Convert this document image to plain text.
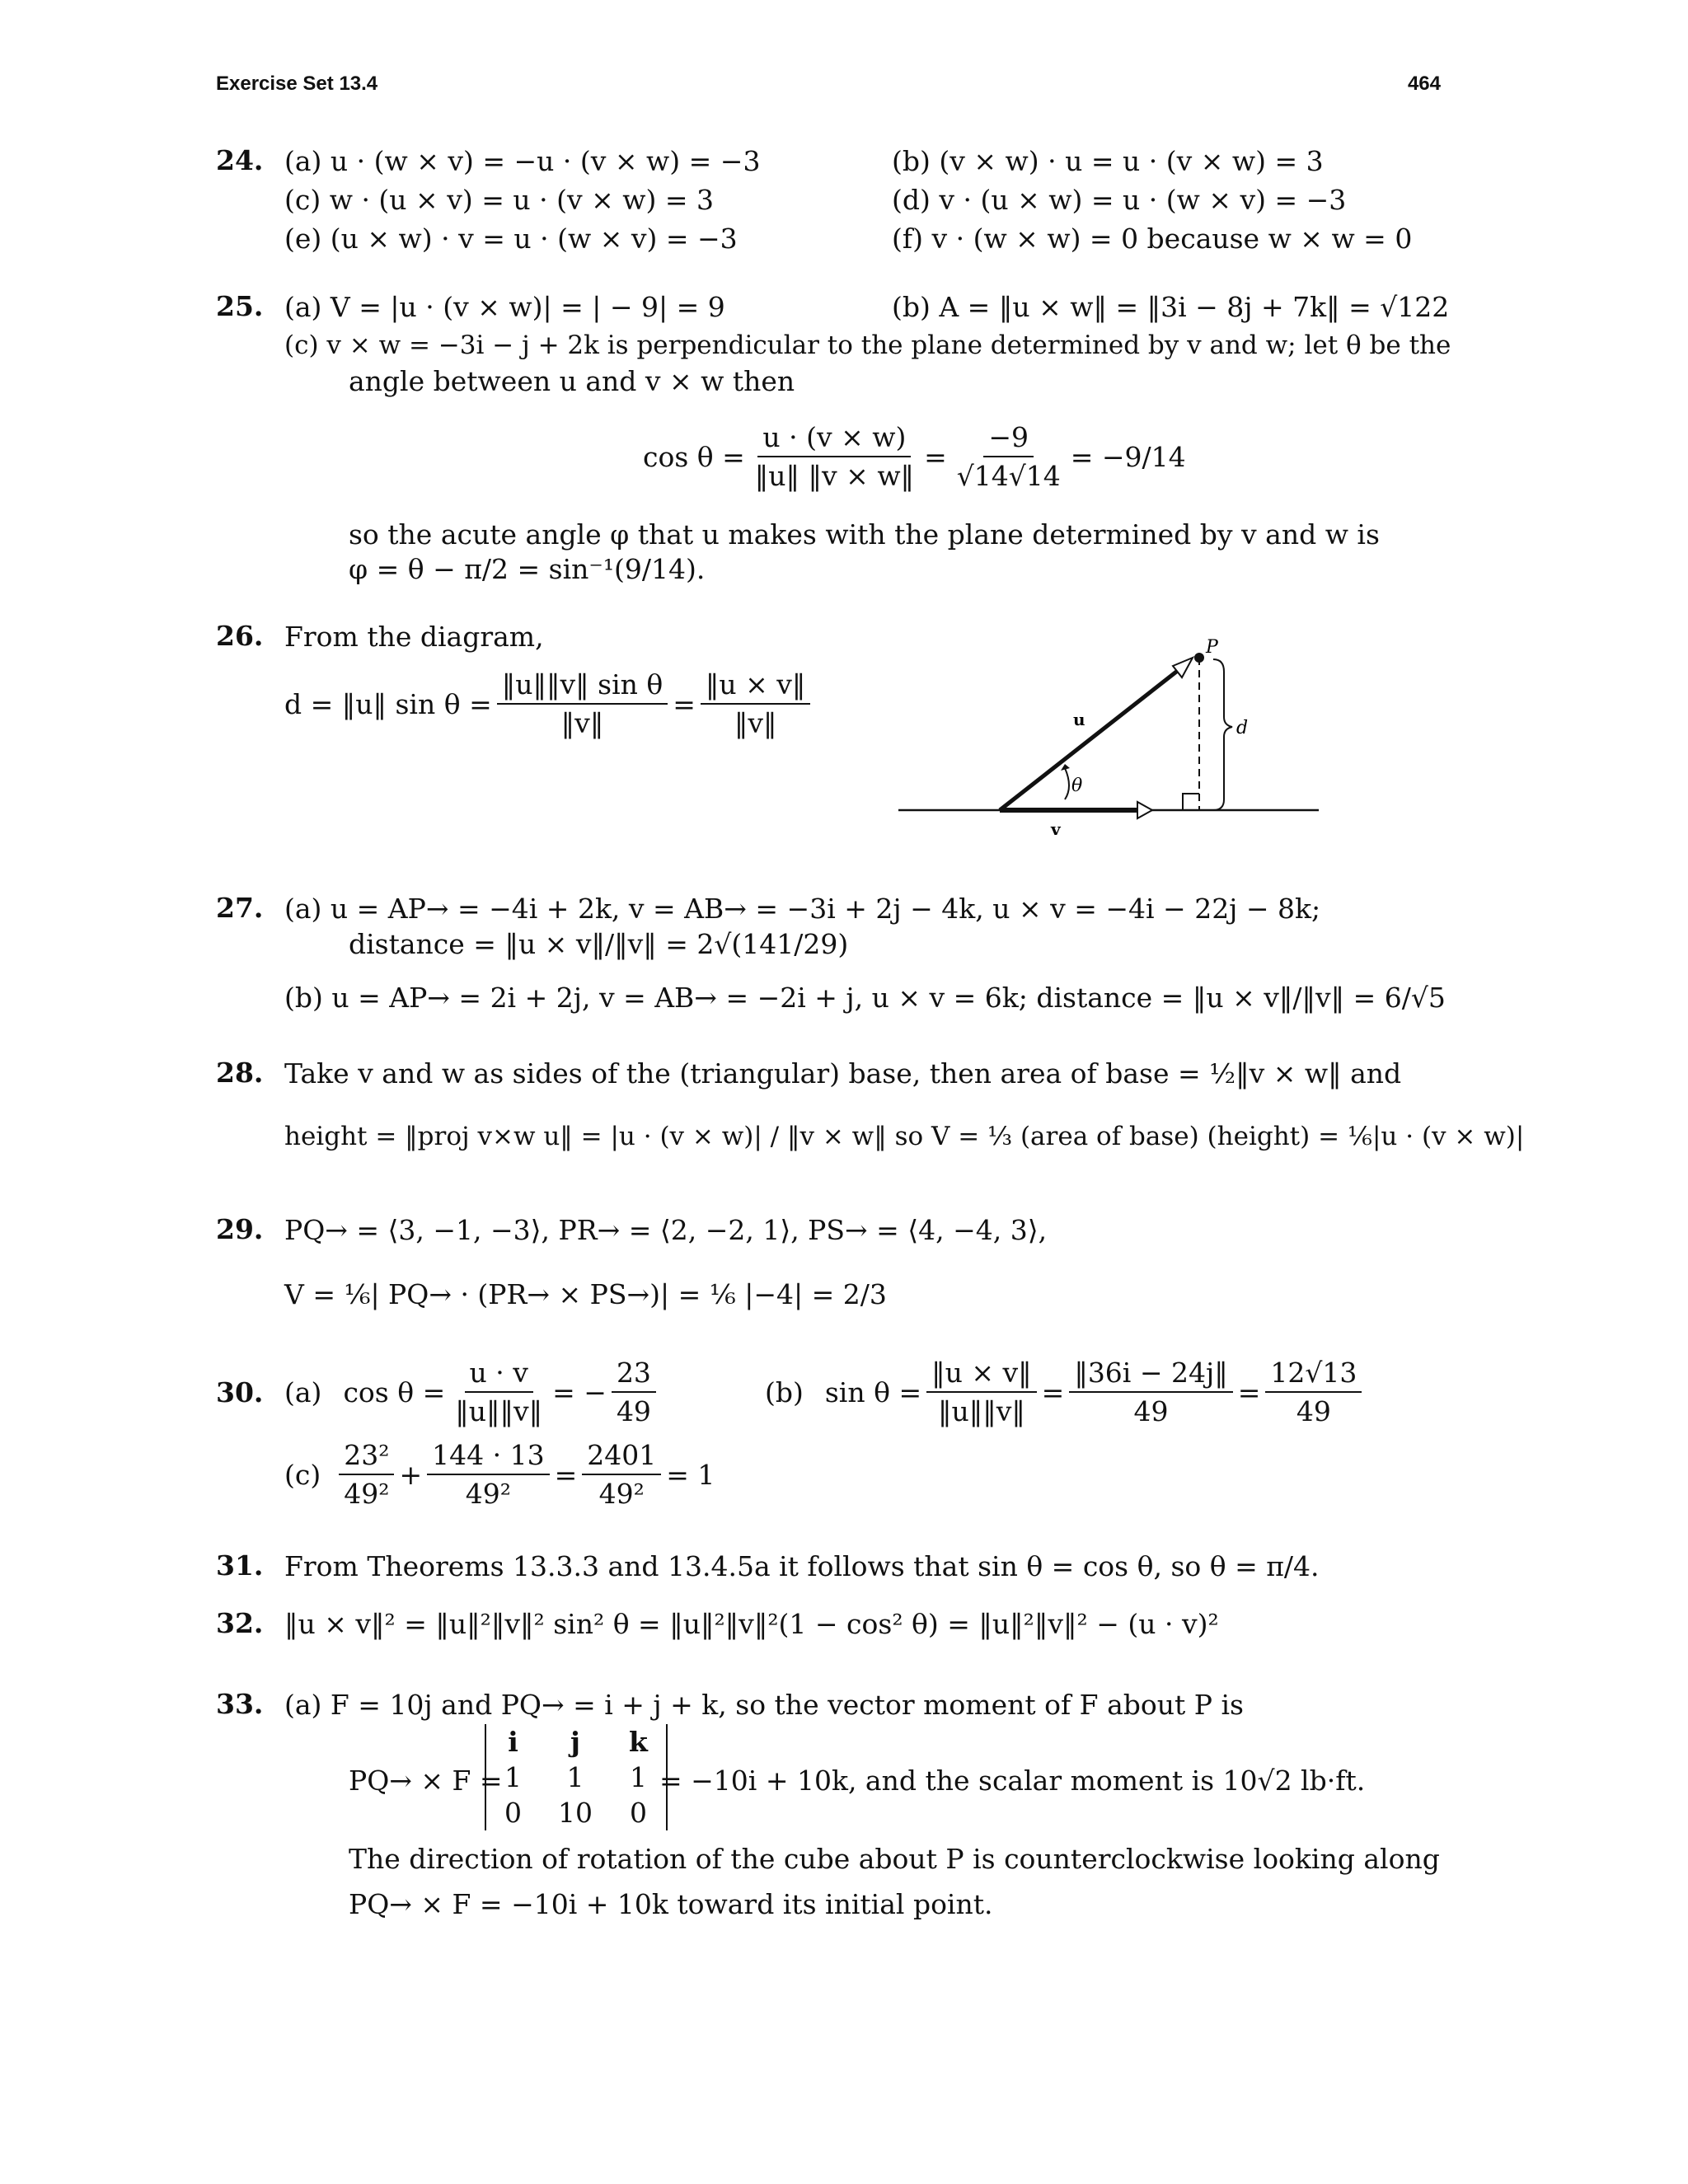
Exercise Set 13.4	464
24. (a) u · (w × v) = −u · (v × w) = −3	(b) (v × w) · u = u · (v × w) = 3
(c) w · (u × v) = u · (v × w) = 3	(d) v · (u × w) = u · (w × v) = −3
(e) (u × w) · v = u · (w × v) = −3	(f) v · (w × w) = 0 because w × w = 0
25. (a) V = |u · (v × w)| = | − 9| = 9	(b) A = ‖u × w‖ = ‖3i − 8j + 7k‖ = √122
(c) v × w = −3i − j + 2k is perpendicular to the plane determined by v and w; let θ be the
angle between u and v × w then
$\cos \theta = \frac{u \cdot (v \times w)}{‖u‖ ‖v \times w‖} = \frac{-9}{√14√14} = -9/14$
so the acute angle φ that u makes with the plane determined by v and w is
φ = θ − π/2 = sin⁻¹(9/14).
26. From the diagram,
d = ‖u‖ $\sin \theta = \frac{\text{‖u‖‖v‖ sin θ}}{‖v‖} = \frac{‖u \times v‖}{‖v‖}$	u
v
θ
P
d
27. (a) u = AP→ = −4i + 2k, v = AB→ = −3i + 2j − 4k, u × v = −4i − 22j − 8k;
distance = ‖u × v‖/‖v‖ = 2√(141/29)
(b) u = AP→ = 2i + 2j, v = AB→ = −2i + j, u × v = 6k; distance = ‖u × v‖/‖v‖ = 6/√5
28. Take v and w as sides of the (triangular) base, then area of base = ½‖v × w‖ and
height = ‖proj v×w u‖ = |u · (v × w)| / ‖v × w‖ so V = ⅓ (area of base) (height) = ⅙|u · (v × w)|
29. PQ→ = ⟨3, −1, −3⟩, PR→ = ⟨2, −2, 1⟩, PS→ = ⟨4, −4, 3⟩,
V = ⅙| PQ→ · (PR→ × PS→)| = ⅙ |−4| = 2/3
30. (a) $\cos \theta = \frac{u \cdot v}{‖u‖‖v‖}$ = − $\frac{23}{49}$	(b) $\sin \theta = \frac{‖u \times v‖}{‖u‖‖v‖} = \frac{‖36i - 24j‖}{49} = \frac{12√13}{49}$
$(c) \frac{\text{23²}}{\text{49²}} + \frac{144 \cdot 13}{\text{49²}} = \frac{2401}{\text{49²}} = 1$
31. From Theorems 13.3.3 and 13.4.5a it follows that sin θ = cos θ, so θ = π/4.
32. ‖u × v‖² = ‖u‖²‖v‖² sin² θ = ‖u‖²‖v‖²(1 − cos² θ) = ‖u‖²‖v‖² − (u · v)²
33. (a) F = 10j and PQ→ = i + j + k, so the vector moment of F about P is
PQ→ × F =
i	j	k
1	1	1
0	10	0
= −10i + 10k, and the scalar moment is 10√2 lb·ft.
The direction of rotation of the cube about P is counterclockwise looking along
PQ→ × F = −10i + 10k toward its initial point.
